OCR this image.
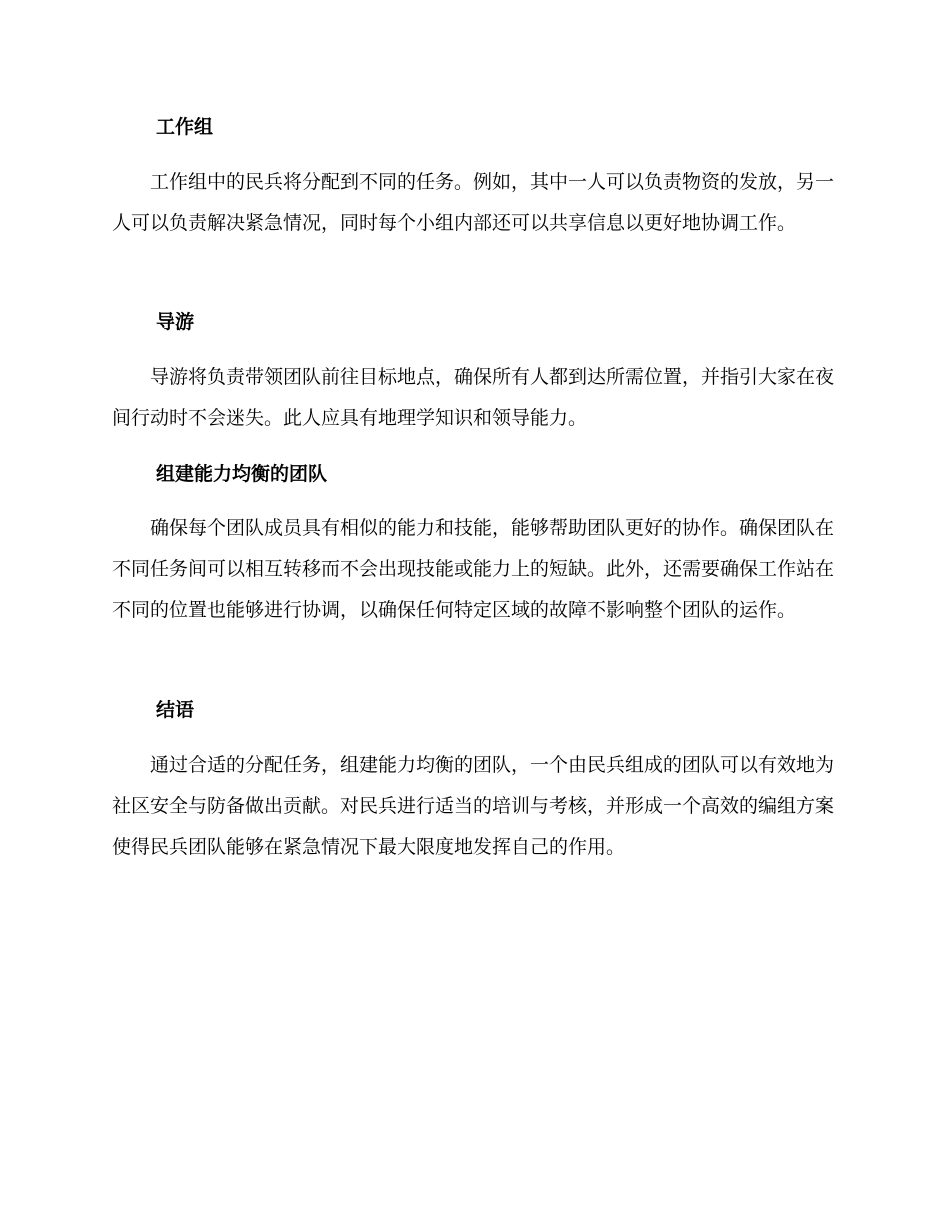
工作组

工作组中的民兵将分配到不同的任务。例如，其中一人可以负责物资的发放，另一人可以负责解决紧急情况，同时每个小组内部还可以共享信息以更好地协调工作。

导游

导游将负责带领团队前往目标地点，确保所有人都到达所需位置，并指引大家在夜间行动时不会迷失。此人应具有地理学知识和领导能力。

组建能力均衡的团队

确保每个团队成员具有相似的能力和技能，能够帮助团队更好的协作。确保团队在不同任务间可以相互转移而不会出现技能或能力上的短缺。此外，还需要确保工作站在不同的位置也能够进行协调，以确保任何特定区域的故障不影响整个团队的运作。

结语

通过合适的分配任务，组建能力均衡的团队，一个由民兵组成的团队可以有效地为社区安全与防备做出贡献。对民兵进行适当的培训与考核，并形成一个高效的编组方案使得民兵团队能够在紧急情况下最大限度地发挥自己的作用。
